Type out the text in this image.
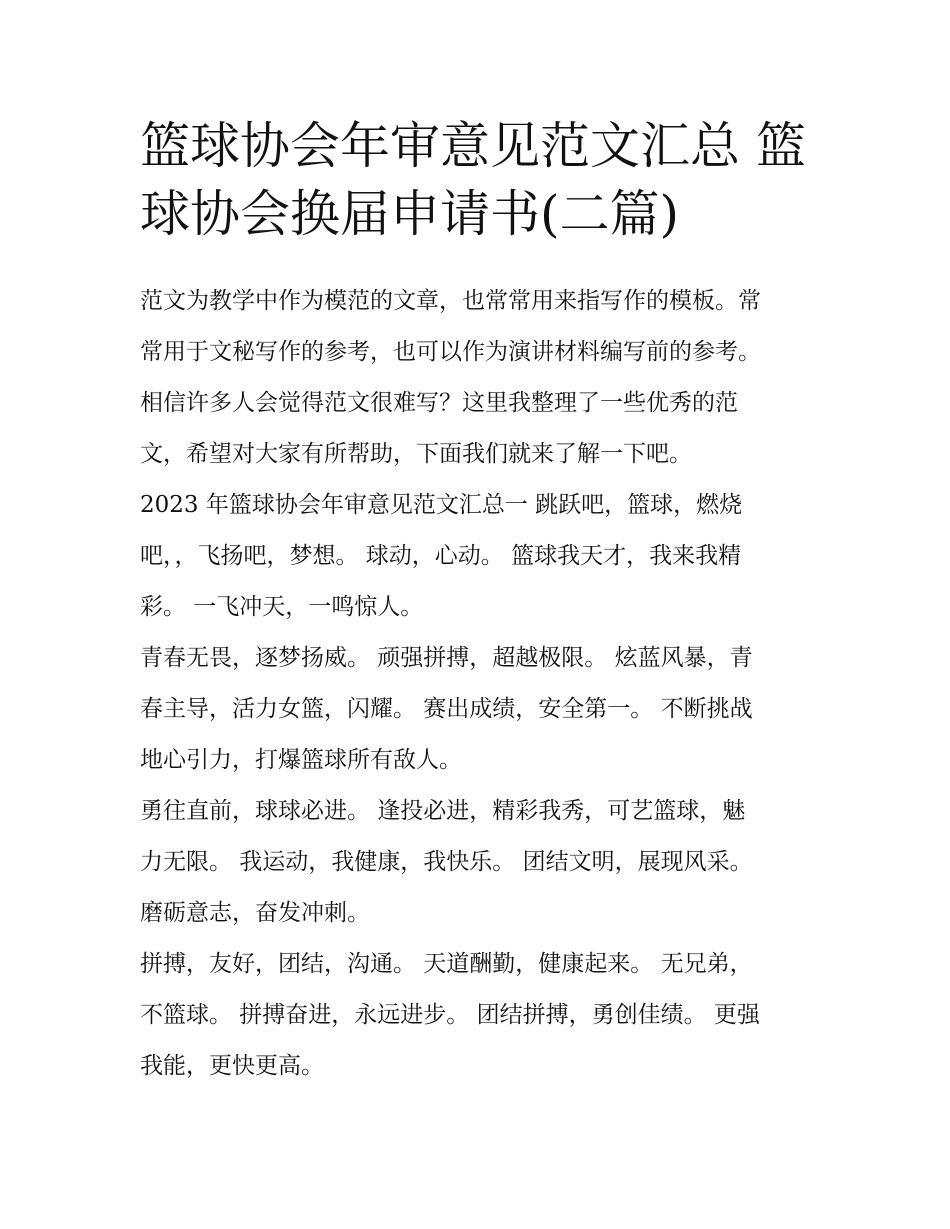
篮球协会年审意见范文汇总 篮
球协会换届申请书(二篇)
范文为教学中作为模范的文章，也常常用来指写作的模板。常
常用于文秘写作的参考，也可以作为演讲材料编写前的参考。
相信许多人会觉得范文很难写？这里我整理了一些优秀的范
文，希望对大家有所帮助，下面我们就来了解一下吧。
2023 年篮球协会年审意见范文汇总一 跳跃吧，篮球，燃烧
吧，，飞扬吧，梦想。 球动，心动。 篮球我天才，我来我精
彩。 一飞冲天，一鸣惊人。
青春无畏，逐梦扬威。 顽强拼搏，超越极限。 炫蓝风暴，青
春主导，活力女篮，闪耀。 赛出成绩，安全第一。 不断挑战
地心引力，打爆篮球所有敌人。
勇往直前，球球必进。 逢投必进，精彩我秀，可艺篮球，魅
力无限。 我运动，我健康，我快乐。 团结文明，展现风采。
磨砺意志，奋发冲刺。
拼搏，友好，团结，沟通。 天道酬勤，健康起来。 无兄弟，
不篮球。 拼搏奋进，永远进步。 团结拼搏，勇创佳绩。 更强
我能，更快更高。
